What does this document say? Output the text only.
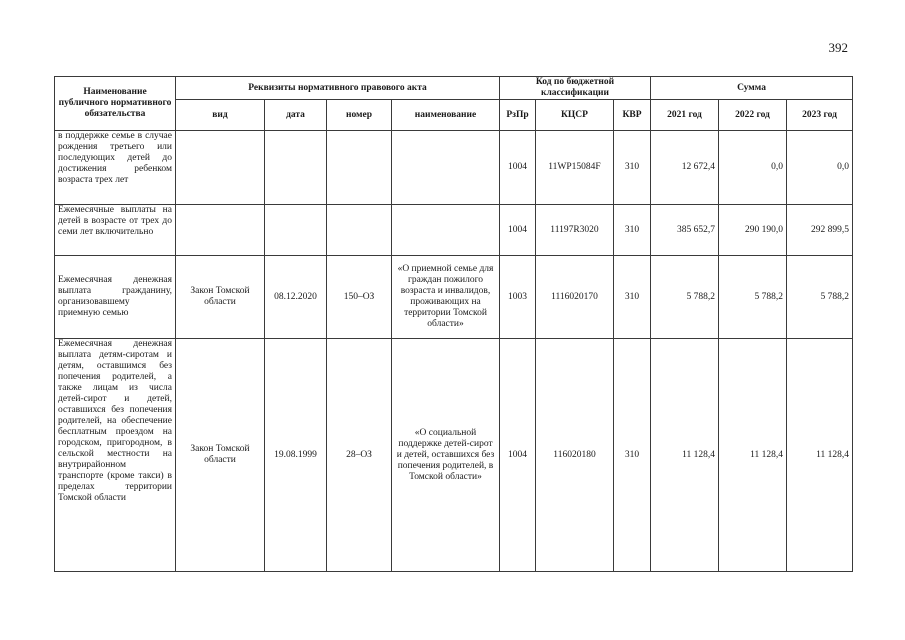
392
Наименование публичного нормативного обязательства	Реквизиты нормативного правового акта				Код по бюджетной классификации			Сумма		
	вид	дата	номер	наименование	РзПр	КЦСР	КВР	2021 год	2022 год	2023 год
в поддержке семье в случае рождения третьего или последующих детей до достижения ребенком возраста трех лет					1004	11WP15084F	310	12 672,4	0,0	0,0
Ежемесячные выплаты на детей в возрасте от трех до семи лет включительно					1004	11197R3020	310	385 652,7	290 190,0	292 899,5
Ежемесячная денежная выплата гражданину, организовавшему приемную семью	Закон Томской области	08.12.2020	150–ОЗ	«О приемной семье для граждан пожилого возраста и инвалидов, проживающих на территории Томской области»	1003	1116020170	310	5 788,2	5 788,2	5 788,2
Ежемесячная денежная выплата детям-сиротам и детям, оставшимся без попечения родителей, а также лицам из числа детей-сирот и детей, оставшихся без попечения родителей, на обеспечение бесплатным проездом на городском, пригородном, в сельской местности на внутрирайонном транспорте (кроме такси) в пределах территории Томской области	Закон Томской области	19.08.1999	28–ОЗ	«О социальной поддержке детей-сирот и детей, оставшихся без попечения родителей, в Томской области»	1004	116020180	310	11 128,4	11 128,4	11 128,4
